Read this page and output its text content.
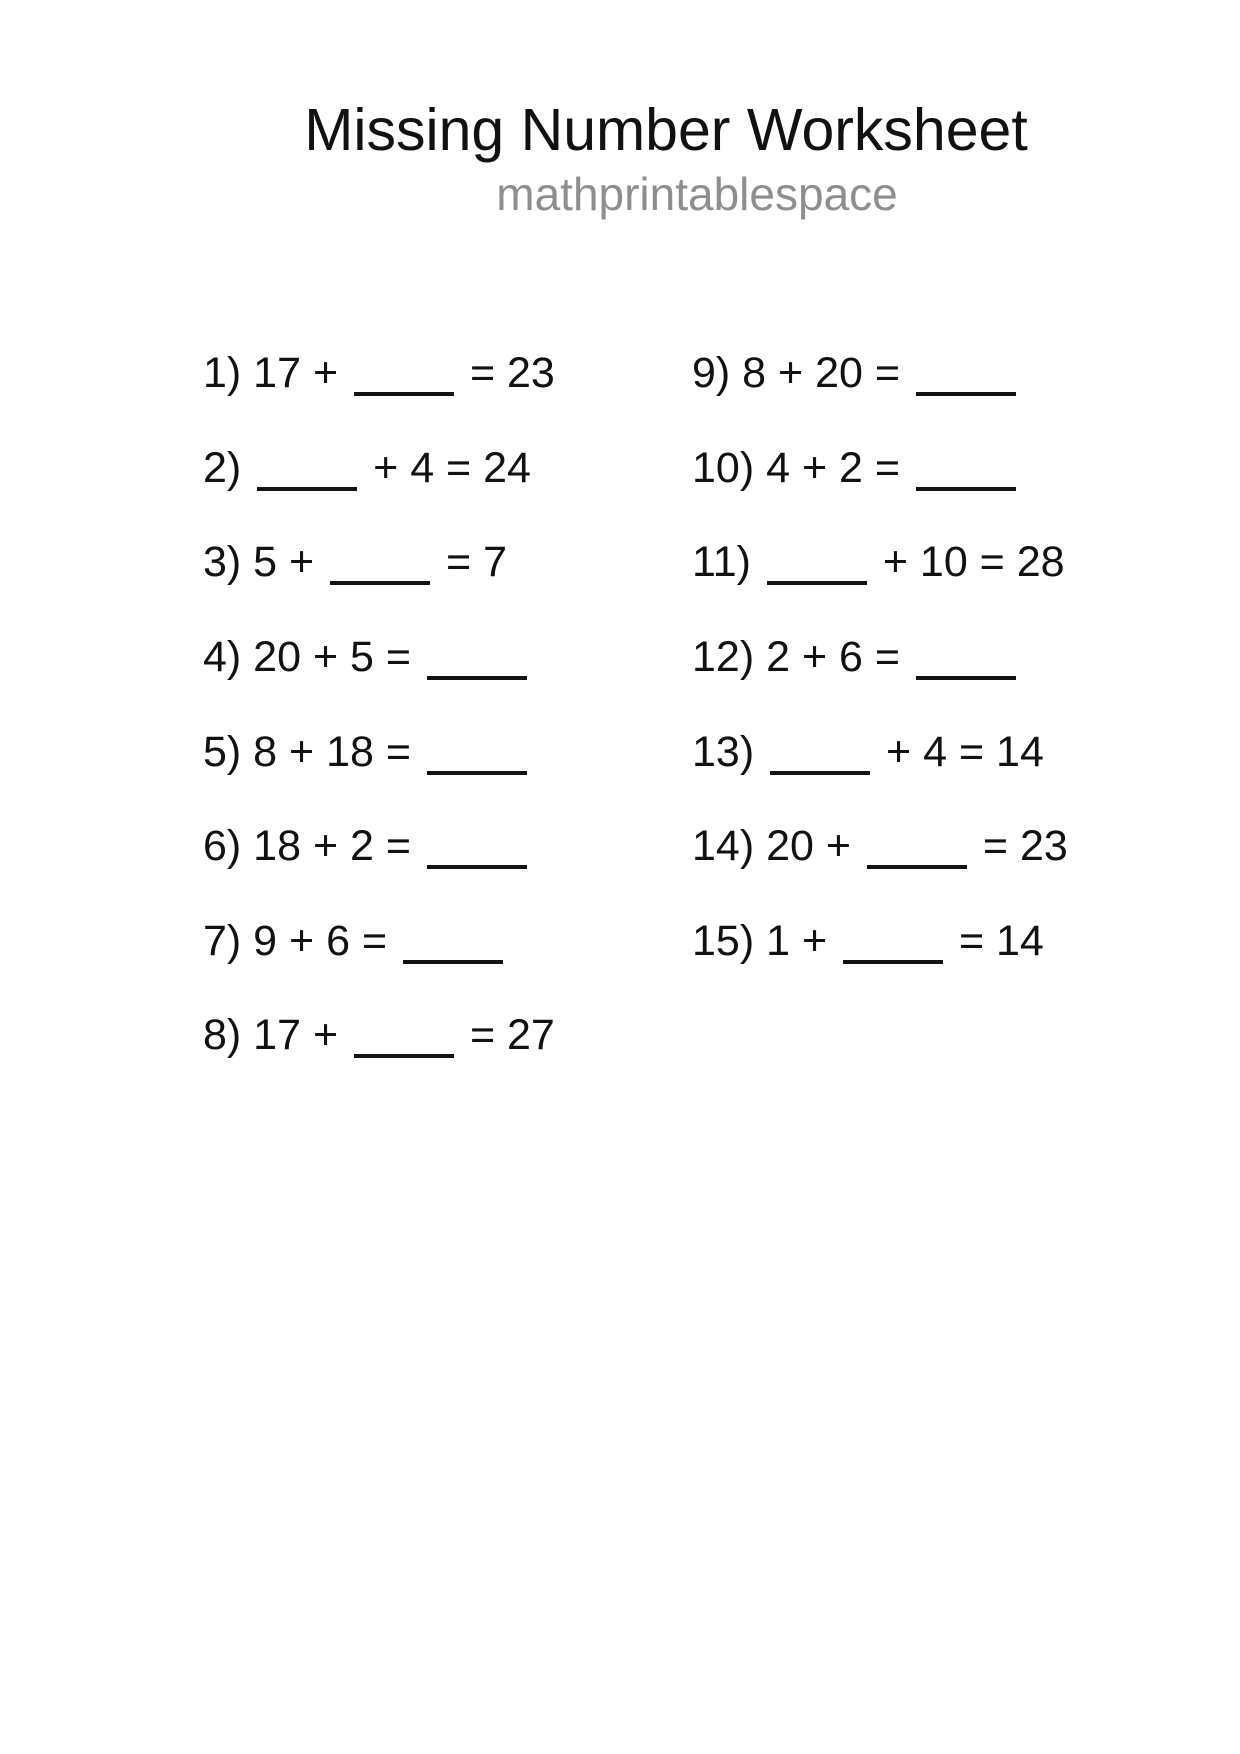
Missing Number Worksheet
mathprintablespace
1) 17 +	= 23
2)	+ 4 = 24
3) 5 +	= 7
4) 20 + 5 =
5) 8 + 18 =
6) 18 + 2 =
7) 9 + 6 =
8) 17 +	= 27
9) 8 + 20 =
10) 4 + 2 =
11)	+ 10 = 28
12) 2 + 6 =
13)	+ 4 = 14
14) 20 +	= 23
15) 1 +	= 14
